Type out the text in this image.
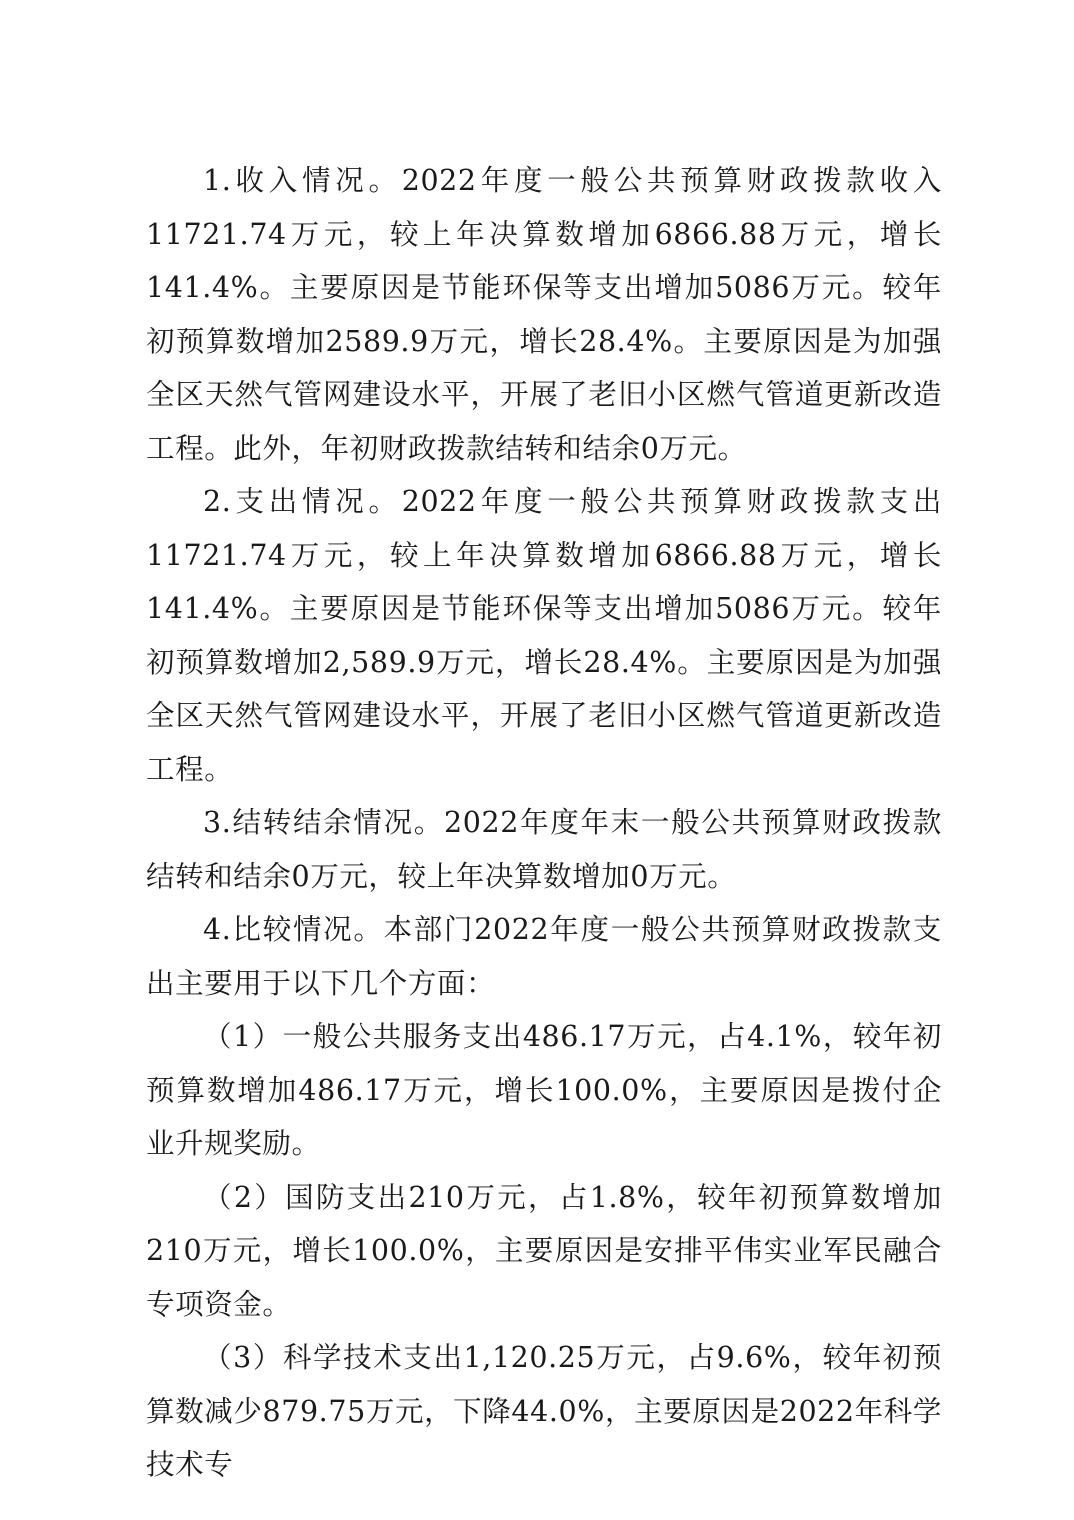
1.收入情况。2022年度一般公共预算财政拨款收入11721.74万元，较上年决算数增加6866.88万元，增长141.4%。主要原因是节能环保等支出增加5086万元。较年初预算数增加2589.9万元，增长28.4%。主要原因是为加强全区天然气管网建设水平，开展了老旧小区燃气管道更新改造工程。此外，年初财政拨款结转和结余0万元。

2.支出情况。2022年度一般公共预算财政拨款支出11721.74万元，较上年决算数增加6866.88万元，增长141.4%。主要原因是节能环保等支出增加5086万元。较年初预算数增加2,589.9万元，增长28.4%。主要原因是为加强全区天然气管网建设水平，开展了老旧小区燃气管道更新改造工程。

3.结转结余情况。2022年度年末一般公共预算财政拨款结转和结余0万元，较上年决算数增加0万元。

4.比较情况。本部门2022年度一般公共预算财政拨款支出主要用于以下几个方面：

（1）一般公共服务支出486.17万元，占4.1%，较年初预算数增加486.17万元，增长100.0%，主要原因是拨付企业升规奖励。

（2）国防支出210万元，占1.8%，较年初预算数增加210万元，增长100.0%，主要原因是安排平伟实业军民融合专项资金。

（3）科学技术支出1,120.25万元，占9.6%，较年初预算数减少879.75万元，下降44.0%，主要原因是2022年科学技术专
